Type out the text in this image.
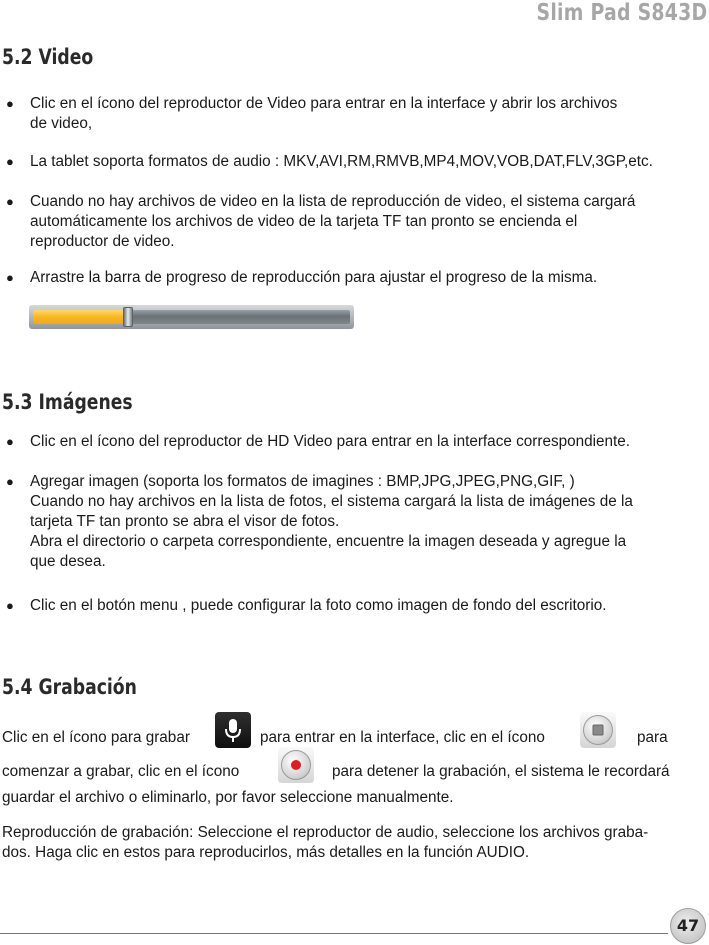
Slim Pad S843D
5.2 Video
● Clic en el ícono del reproductor de Video para entrar en la interface y abrir los archivos
de video,
● La tablet soporta formatos de audio : MKV,AVI,RM,RMVB,MP4,MOV,VOB,DAT,FLV,3GP,etc.
● Cuando no hay archivos de video en la lista de reproducción de video, el sistema cargará
automáticamente los archivos de video de la tarjeta TF tan pronto se encienda el
reproductor de video.
● Arrastre la barra de progreso de reproducción para ajustar el progreso de la misma.
5.3 Imágenes
● Clic en el ícono del reproductor de HD Video para entrar en la interface correspondiente.
● Agregar imagen (soporta los formatos de imagines : BMP,JPG,JPEG,PNG,GIF, )
Cuando no hay archivos en la lista de fotos, el sistema cargará la lista de imágenes de la
tarjeta TF tan pronto se abra el visor de fotos.
Abra el directorio o carpeta correspondiente, encuentre la imagen deseada y agregue la
que desea.
● Clic en el botón menu , puede configurar la foto como imagen de fondo del escritorio.
5.4 Grabación
Clic en el ícono para grabar	para entrar en la interface, clic en el ícono	para
comenzar a grabar, clic en el ícono	para detener la grabación, el sistema le recordará
guardar el archivo o eliminarlo, por favor seleccione manualmente.
Reproducción de grabación: Seleccione el reproductor de audio, seleccione los archivos graba-
dos. Haga clic en estos para reproducirlos, más detalles en la función AUDIO.
47
